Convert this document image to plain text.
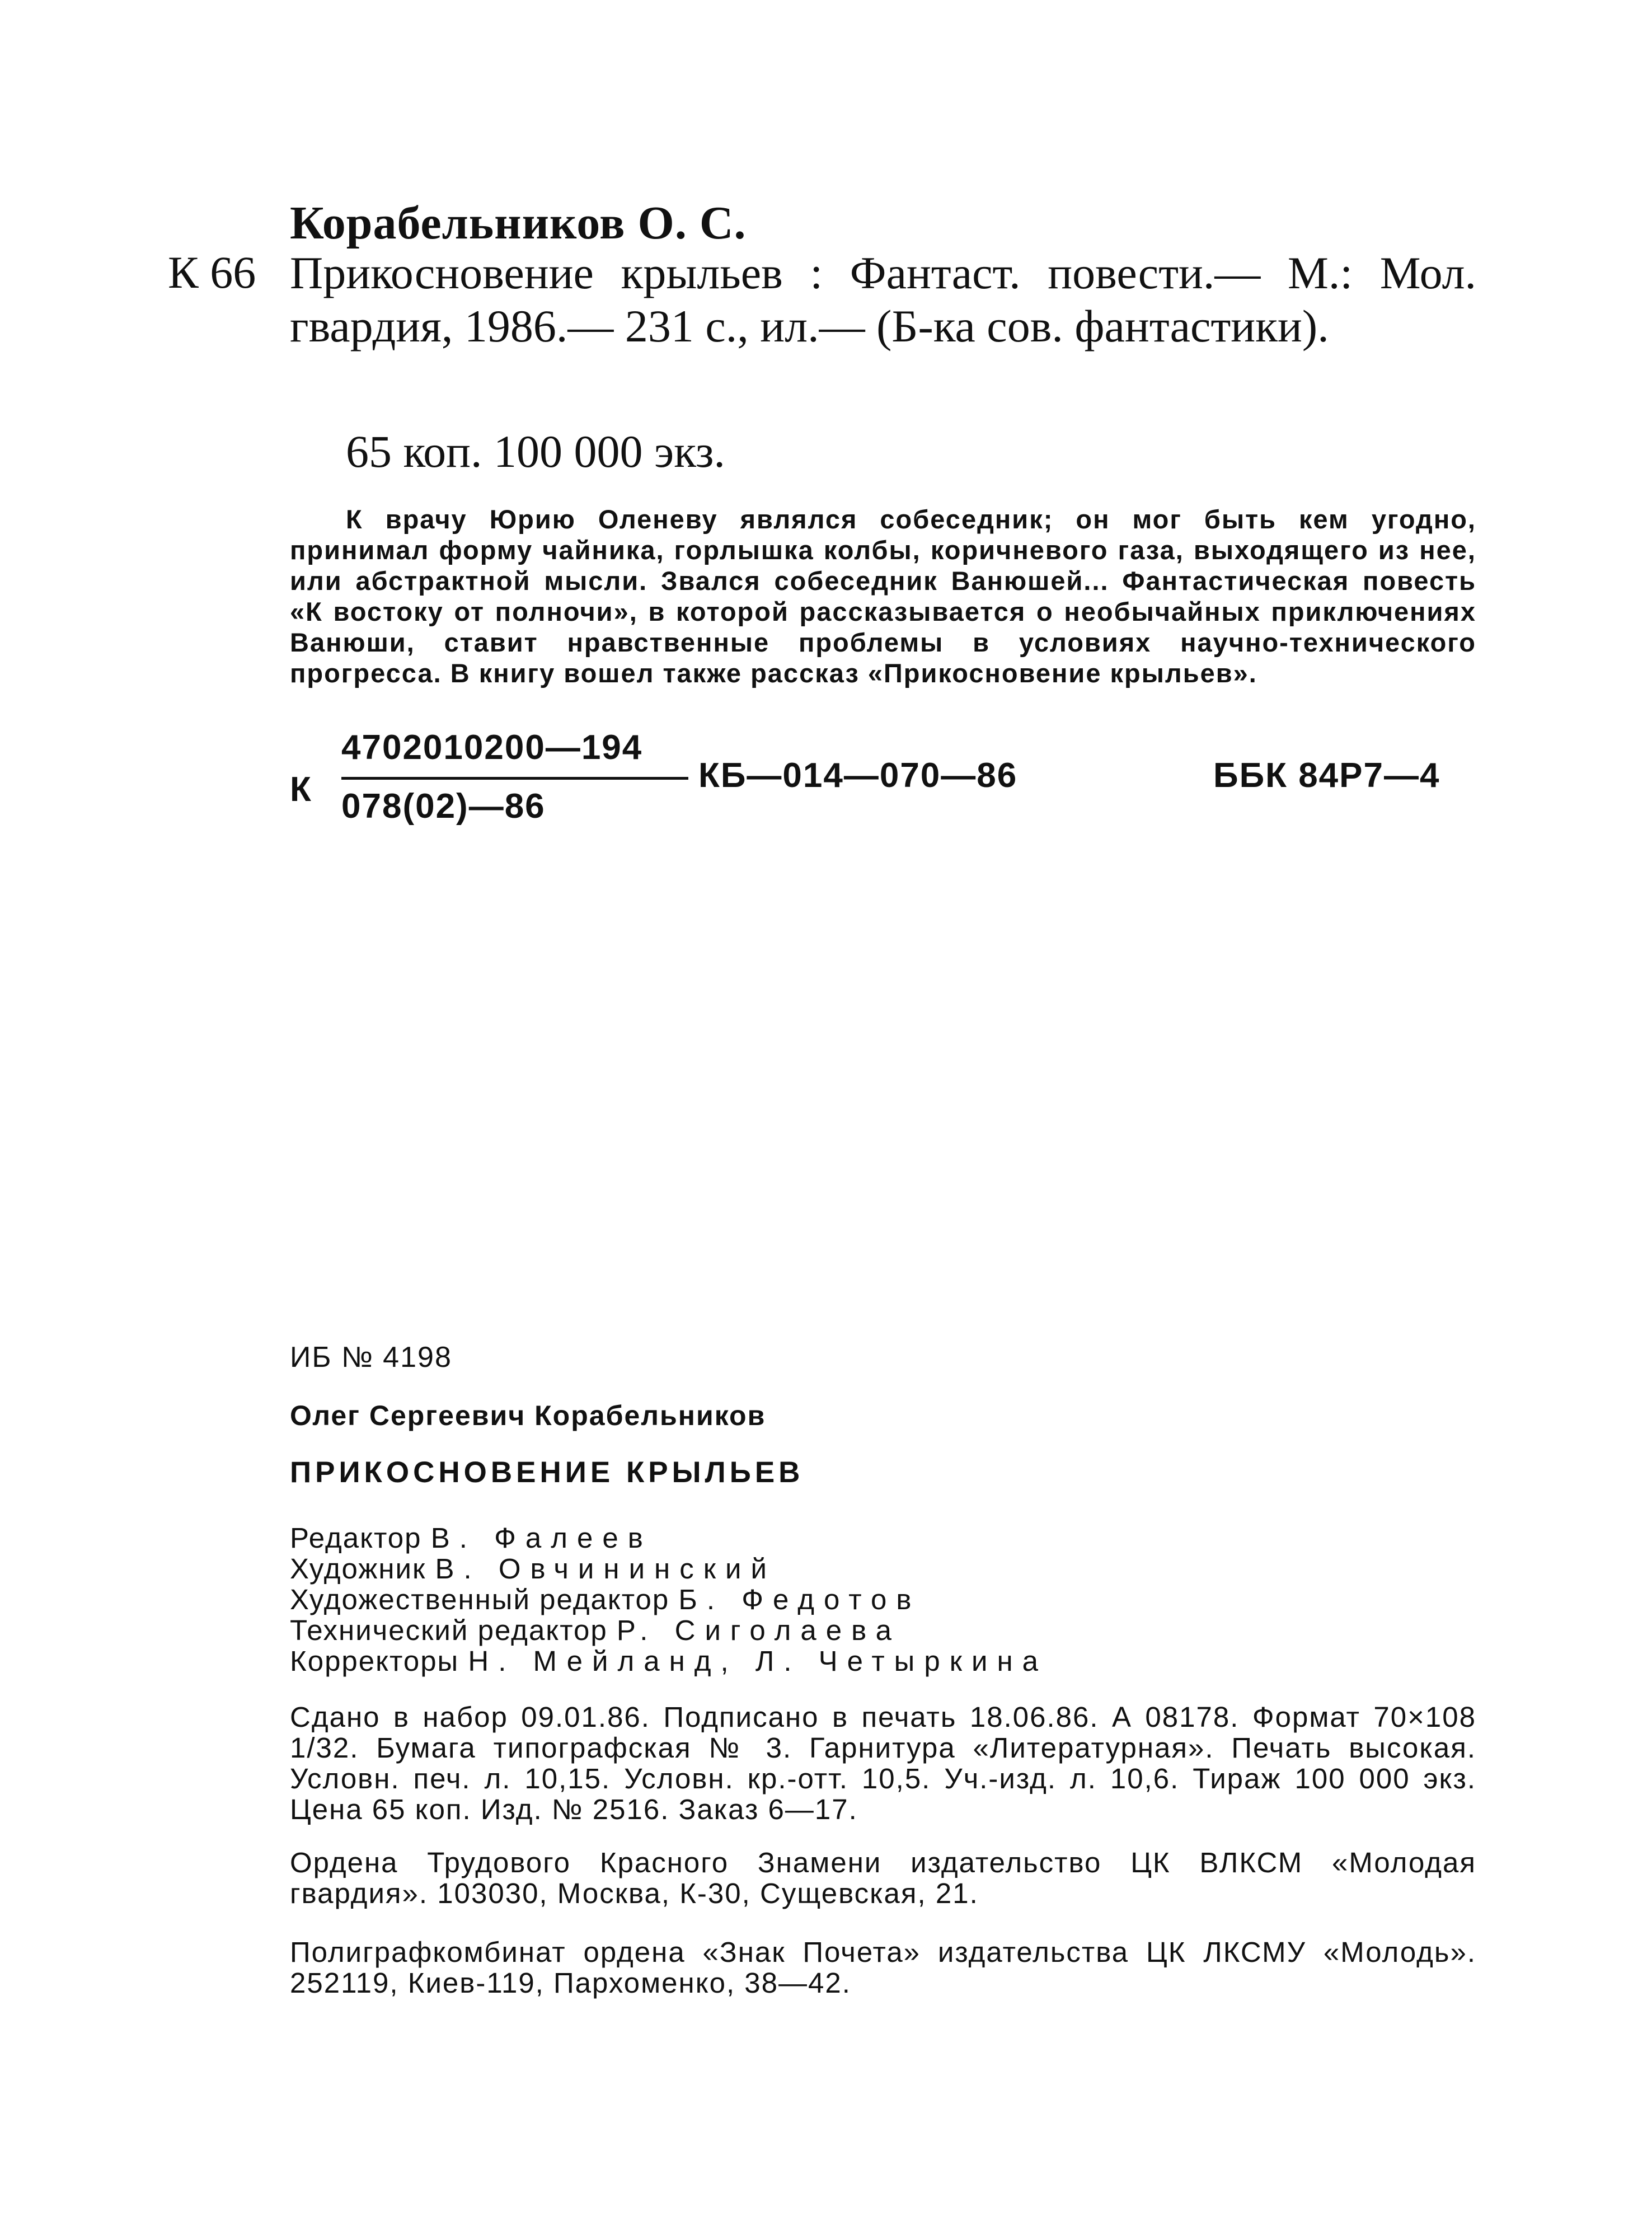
Корабельников О. С.
К 66 Прикосновение крыльев : Фантаст. повести.— М.: Мол. гвардия, 1986.— 231 с., ил.— (Б-ка сов. фантастики).
65 коп. 100 000 экз.
К врачу Юрию Оленеву являлся собеседник; он мог быть кем угодно, принимал форму чайника, горлышка колбы, коричневого газа, выходящего из нее, или абстрактной мысли. Звался собеседник Ванюшей... Фантастическая повесть «К востоку от полночи», в которой рассказывается о необычайных приключениях Ванюши, ставит нравственные проблемы в условиях научно-технического прогресса. В книгу вошел также рассказ «Прикосновение крыльев».
К
4702010200—194
078(02)—86
КБ—014—070—86	ББК 84Р7—4
ИБ № 4198
Олег Сергеевич Корабельников
ПРИКОСНОВЕНИЕ КРЫЛЬЕВ
Редактор В. Фалеев
Художник В. Овчининский
Художественный редактор Б. Федотов
Технический редактор Р. Сиголаева
Корректоры Н. Мейланд, Л. Четыркина
Сдано в набор 09.01.86. Подписано в печать 18.06.86. А 08178. Формат 70×108 1/32. Бумага типографская № 3. Гарнитура «Литературная». Печать высокая. Условн. печ. л. 10,15. Условн. кр.-отт. 10,5. Уч.-изд. л. 10,6. Тираж 100 000 экз. Цена 65 коп. Изд. № 2516. Заказ 6—17.
Ордена Трудового Красного Знамени издательство ЦК ВЛКСМ «Молодая гвардия». 103030, Москва, К-30, Сущевская, 21.
Полиграфкомбинат ордена «Знак Почета» издательства ЦК ЛКСМУ «Молодь». 252119, Киев-119, Пархоменко, 38—42.
